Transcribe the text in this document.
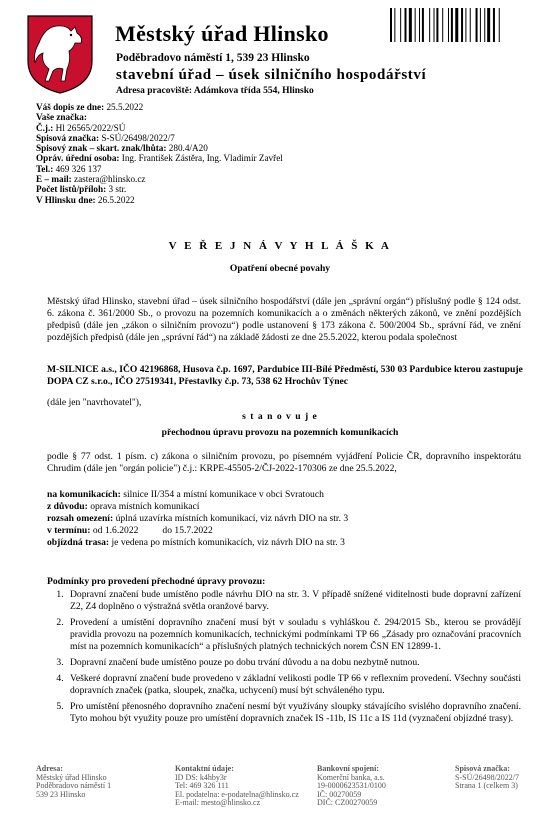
Městský úřad Hlinsko
Poděbradovo náměstí 1, 539 23 Hlinsko
stavební úřad – úsek silničního hospodářství
Adresa pracoviště: Adámkova třída 554, Hlinsko
Váš dopis ze dne: 25.5.2022
Vaše značka:
Č.j.: Hl 26565/2022/SÚ
Spisová značka: S-SÚ/26498/2022/7
Spisový znak – skart. znak/lhůta: 280.4/A20
Opráv. úřední osoba: Ing. František Zástěra, Ing. Vladimír Zavřel
Tel.: 469 326 137
E – mail: zastera@hlinsko.cz
Počet listů/příloh: 3 str.
V Hlinsku dne: 26.5.2022
V E Ř E J N Á V Y H L Á Š K A
Opatření obecné povahy
Městský úřad Hlinsko, stavební úřad – úsek silničního hospodářství (dále jen „správní orgán“) příslušný podle § 124 odst. 6. zákona č. 361/2000 Sb., o provozu na pozemních komunikacích a o změnách některých zákonů, ve znění pozdějších předpisů (dále jen „zákon o silničním provozu“) podle ustanovení § 173 zákona č. 500/2004 Sb., správní řád, ve znění pozdějších předpisů (dále jen „správní řád“) na základě žádosti ze dne 25.5.2022, kterou podala společnost
M-SILNICE a.s., IČO 42196868, Husova č.p. 1697, Pardubice III-Bílé Předměstí, 530 03 Pardubice kterou zastupuje DOPA CZ s.r.o., IČO 27519341, Přestavlky č.p. 73, 538 62 Hrochův Týnec
(dále jen "navrhovatel"),
s t a n o v u j e
přechodnou úpravu provozu na pozemních komunikacích
podle § 77 odst. 1 písm. c) zákona o silničním provozu, po písemném vyjádření Policie ČR, dopravního inspektorátu Chrudim (dále jen "orgán policie") č.j.: KRPE-45505-2/ČJ-2022-170306 ze dne 25.5.2022,
na komunikacích: silnice II/354 a místní komunikace v obci Svratouch
z důvodu: oprava místních komunikací
rozsah omezení: úplná uzavírka místních komunikací, viz návrh DIO na str. 3
v termínu: od 1.6.2022          do 15.7.2022
objízdná trasa: je vedena po místních komunikacích, viz návrh DIO na str. 3
Podmínky pro provedení přechodné úpravy provozu:
1. Dopravní značení bude umístěno podle návrhu DIO na str. 3. V případě snížené viditelnosti bude dopravní zařízení Z2, Z4 doplněno o výstražná světla oranžové barvy.
2. Provedení a umístění dopravního značení musí být v souladu s vyhláškou č. 294/2015 Sb., kterou se provádějí pravidla provozu na pozemních komunikacích, technickými podmínkami TP 66 „Zásady pro označování pracovních míst na pozemních komunikacích“ a příslušných platných technických norem ČSN EN 12899-1.
3. Dopravní značení bude umístěno pouze po dobu trvání důvodu a na dobu nezbytně nutnou.
4. Veškeré dopravní značení bude provedeno v základní velikosti podle TP 66 v reflexním provedení. Všechny součásti dopravních značek (patka, sloupek, značka, uchycení) musí být schváleného typu.
5. Pro umístění přenosného dopravního značení nesmí být využívány sloupky stávajícího svislého dopravního značení. Tyto mohou být využity pouze pro umístění dopravních značek IS -11b, IS 11c a IS 11d (vyznačení objízdné trasy).
Adresa:
Městský úřad Hlinsko
Poděbradovo náměstí 1
539 23 Hlinsko
Kontaktní údaje:
ID DS: k4hby3r
Tel: 469 326 111
El. podatelna: e-podatelna@hlinsko.cz
E-mail: mesto@hlinsko.cz
Bankovní spojení:
Komerční banka, a.s.
19-0000623531/0100
IČ: 00270059
DIČ: CZ00270059
Spisová značka:
S-SÚ/26498/2022/7
Strana 1 (celkem 3)
